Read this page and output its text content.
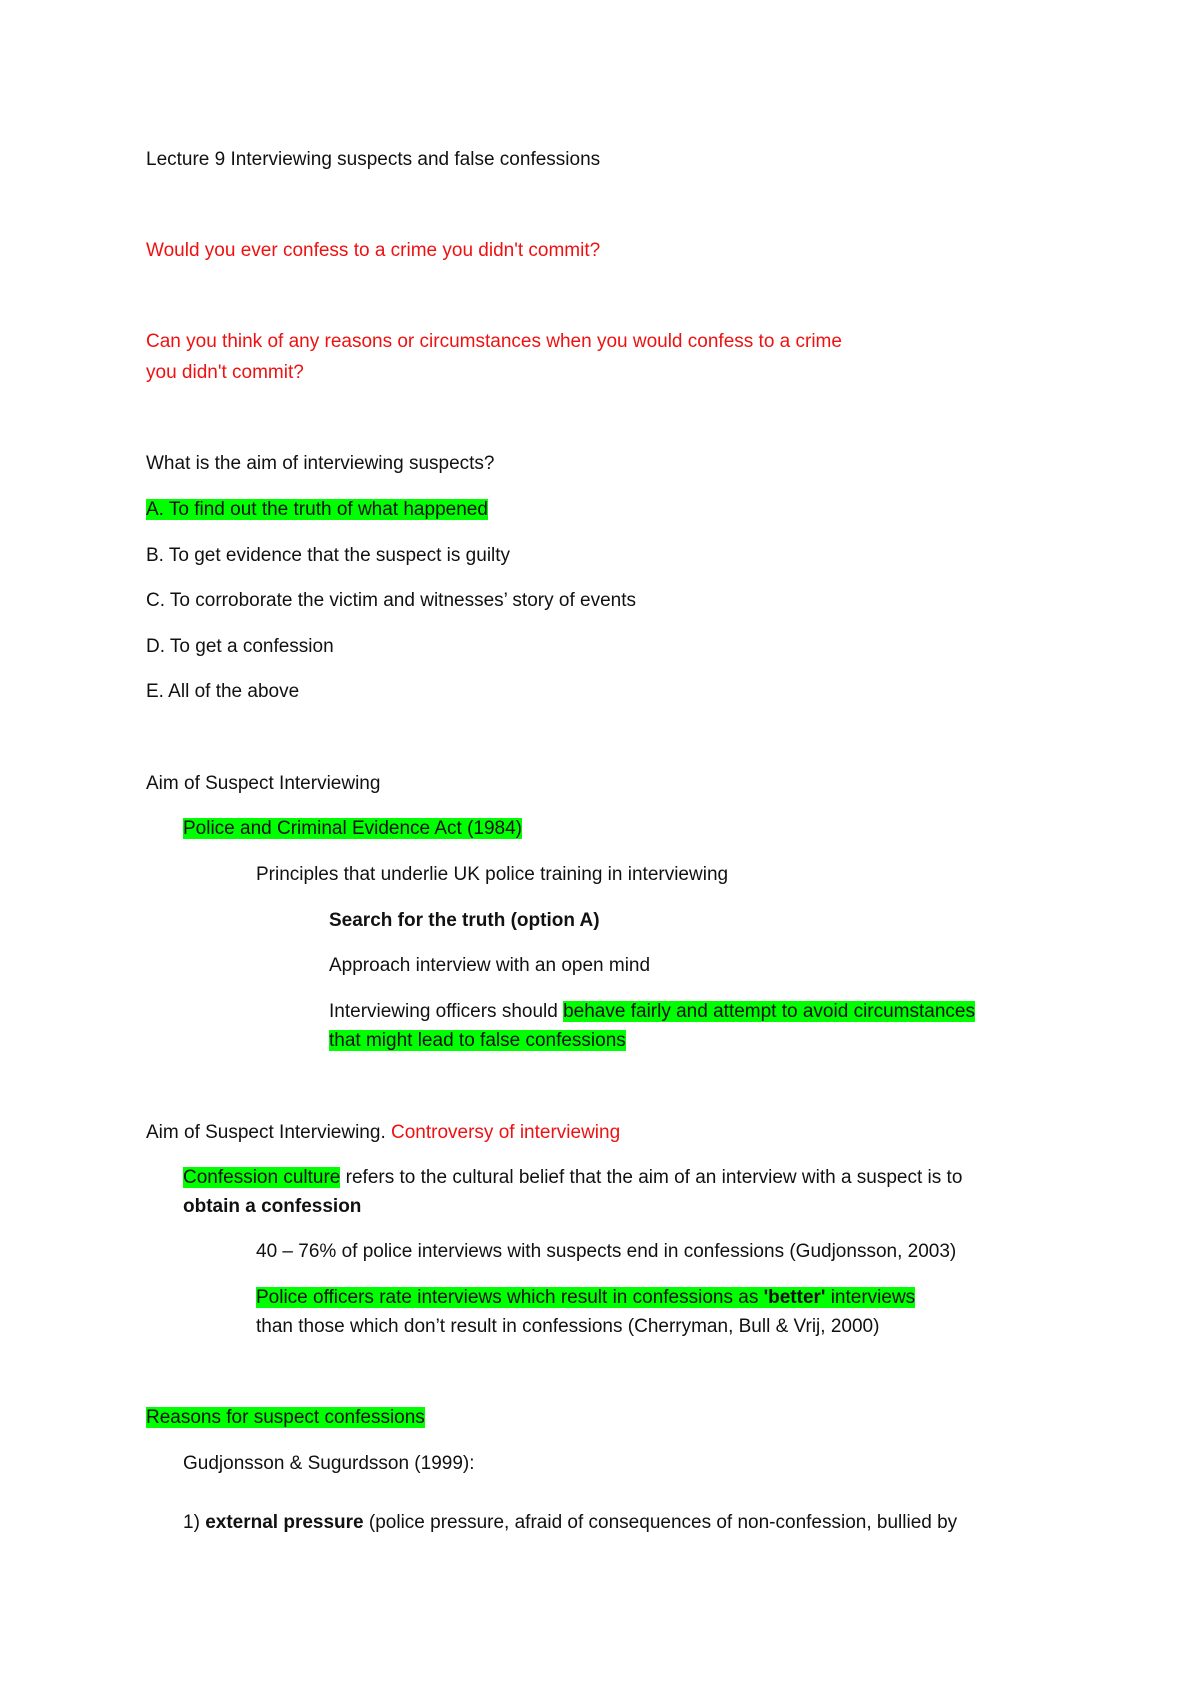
Lecture 9 Interviewing suspects and false confessions
Would you ever confess to a crime you didn't commit?
Can you think of any reasons or circumstances when you would confess to a crime
you didn't commit?
What is the aim of interviewing suspects?
A. To find out the truth of what happened
B. To get evidence that the suspect is guilty
C. To corroborate the victim and witnesses’ story of events
D. To get a confession
E. All of the above
Aim of Suspect Interviewing
Police and Criminal Evidence Act (1984)
Principles that underlie UK police training in interviewing
Search for the truth (option A)
Approach interview with an open mind
Interviewing officers should behave fairly and attempt to avoid circumstances
that might lead to false confessions
Aim of Suspect Interviewing. Controversy of interviewing
Confession culture refers to the cultural belief that the aim of an interview with a suspect is to
obtain a confession
40 – 76% of police interviews with suspects end in confessions (Gudjonsson, 2003)
Police officers rate interviews which result in confessions as 'better' interviews
than those which don’t result in confessions (Cherryman, Bull & Vrij, 2000)
Reasons for suspect confessions
Gudjonsson & Sugurdsson (1999):
1) external pressure (police pressure, afraid of consequences of non-confession, bullied by
